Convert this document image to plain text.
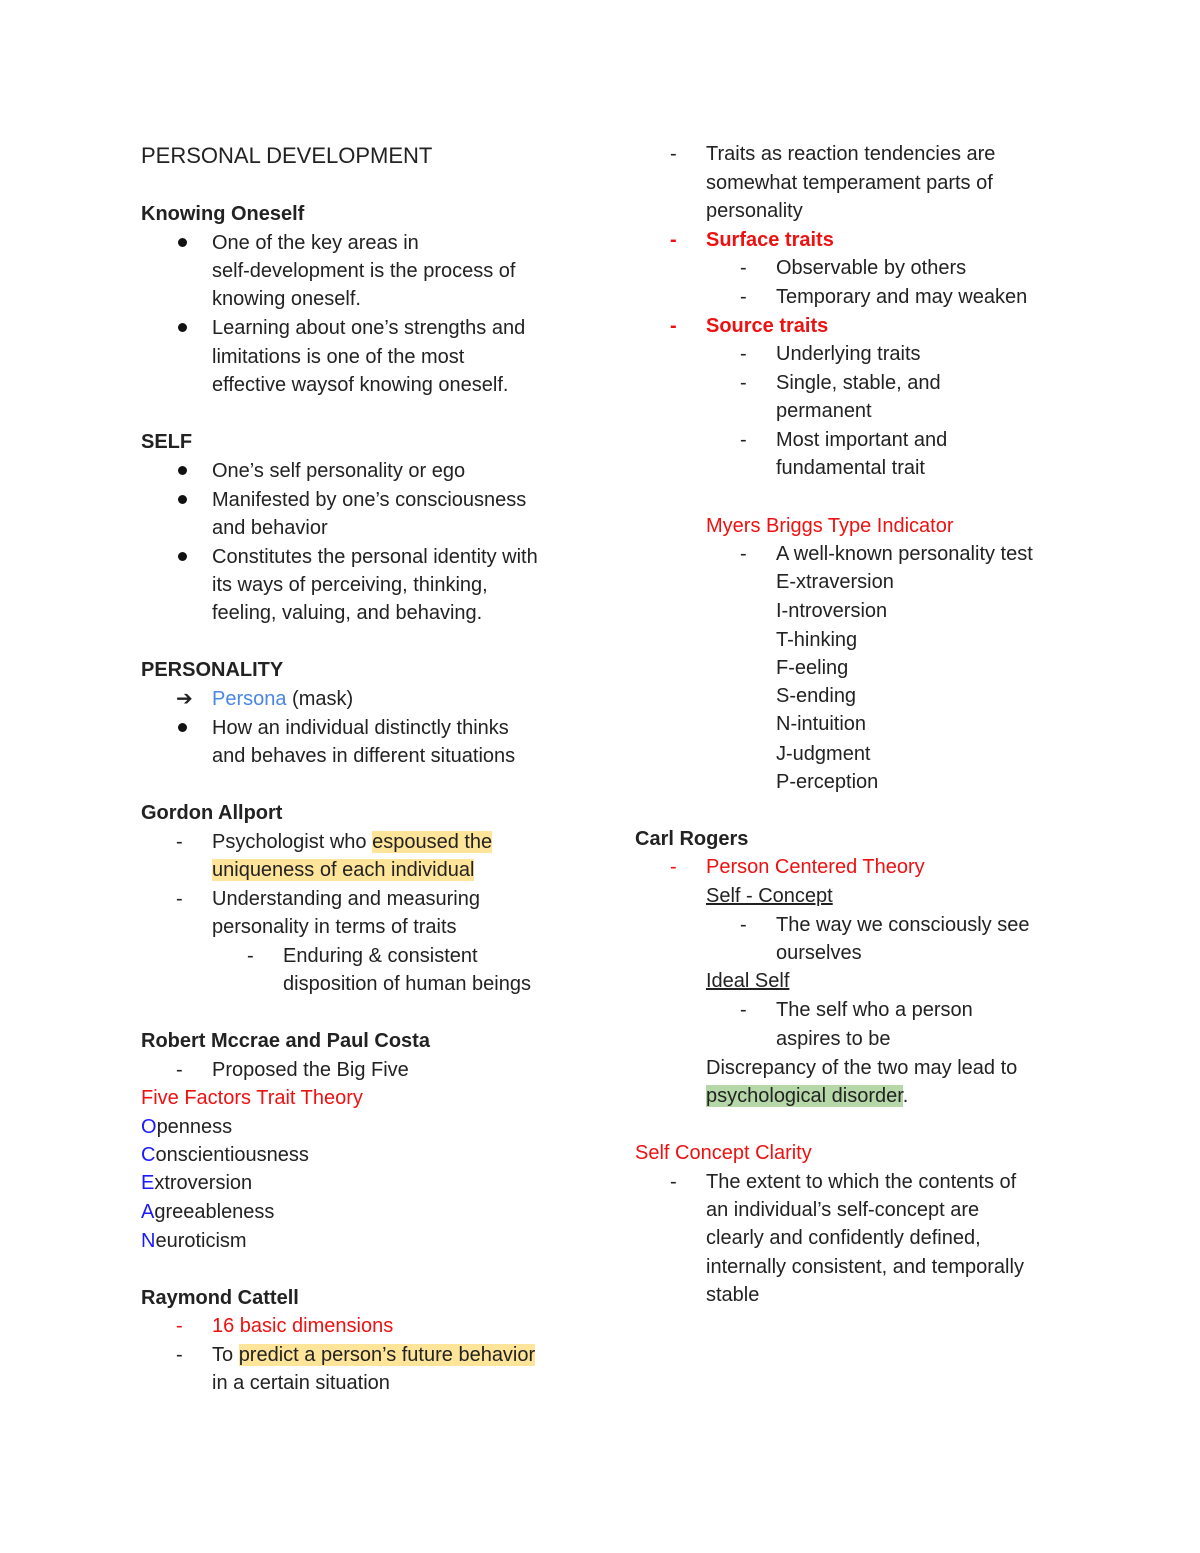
PERSONAL DEVELOPMENT
Knowing Oneself
One of the key areas in
self-development is the process of
knowing oneself.
Learning about one’s strengths and
limitations is one of the most
effective waysof knowing oneself.
SELF
One’s self personality or ego
Manifested by one’s consciousness
and behavior
Constitutes the personal identity with
its ways of perceiving, thinking,
feeling, valuing, and behaving.
PERSONALITY
➔ Persona (mask)
How an individual distinctly thinks
and behaves in different situations
Gordon Allport
- Psychologist who espoused the
uniqueness of each individual
- Understanding and measuring
personality in terms of traits
- Enduring & consistent
disposition of human beings
Robert Mccrae and Paul Costa
- Proposed the Big Five
Five Factors Trait Theory
Openness
Conscientiousness
Extroversion
Agreeableness
Neuroticism
Raymond Cattell
- 16 basic dimensions
- To predict a person’s future behavior
in a certain situation
- Traits as reaction tendencies are
somewhat temperament parts of
personality
- Surface traits
- Observable by others
- Temporary and may weaken
- Source traits
- Underlying traits
- Single, stable, and
permanent
- Most important and
fundamental trait
Myers Briggs Type Indicator
- A well-known personality test
E-xtraversion
I-ntroversion
T-hinking
F-eeling
S-ending
N-intuition
J-udgment
P-erception
Carl Rogers
- Person Centered Theory
Self - Concept
- The way we consciously see
ourselves
Ideal Self
- The self who a person
aspires to be
Discrepancy of the two may lead to
psychological disorder.
Self Concept Clarity
- The extent to which the contents of
an individual’s self-concept are
clearly and confidently defined,
internally consistent, and temporally
stable
